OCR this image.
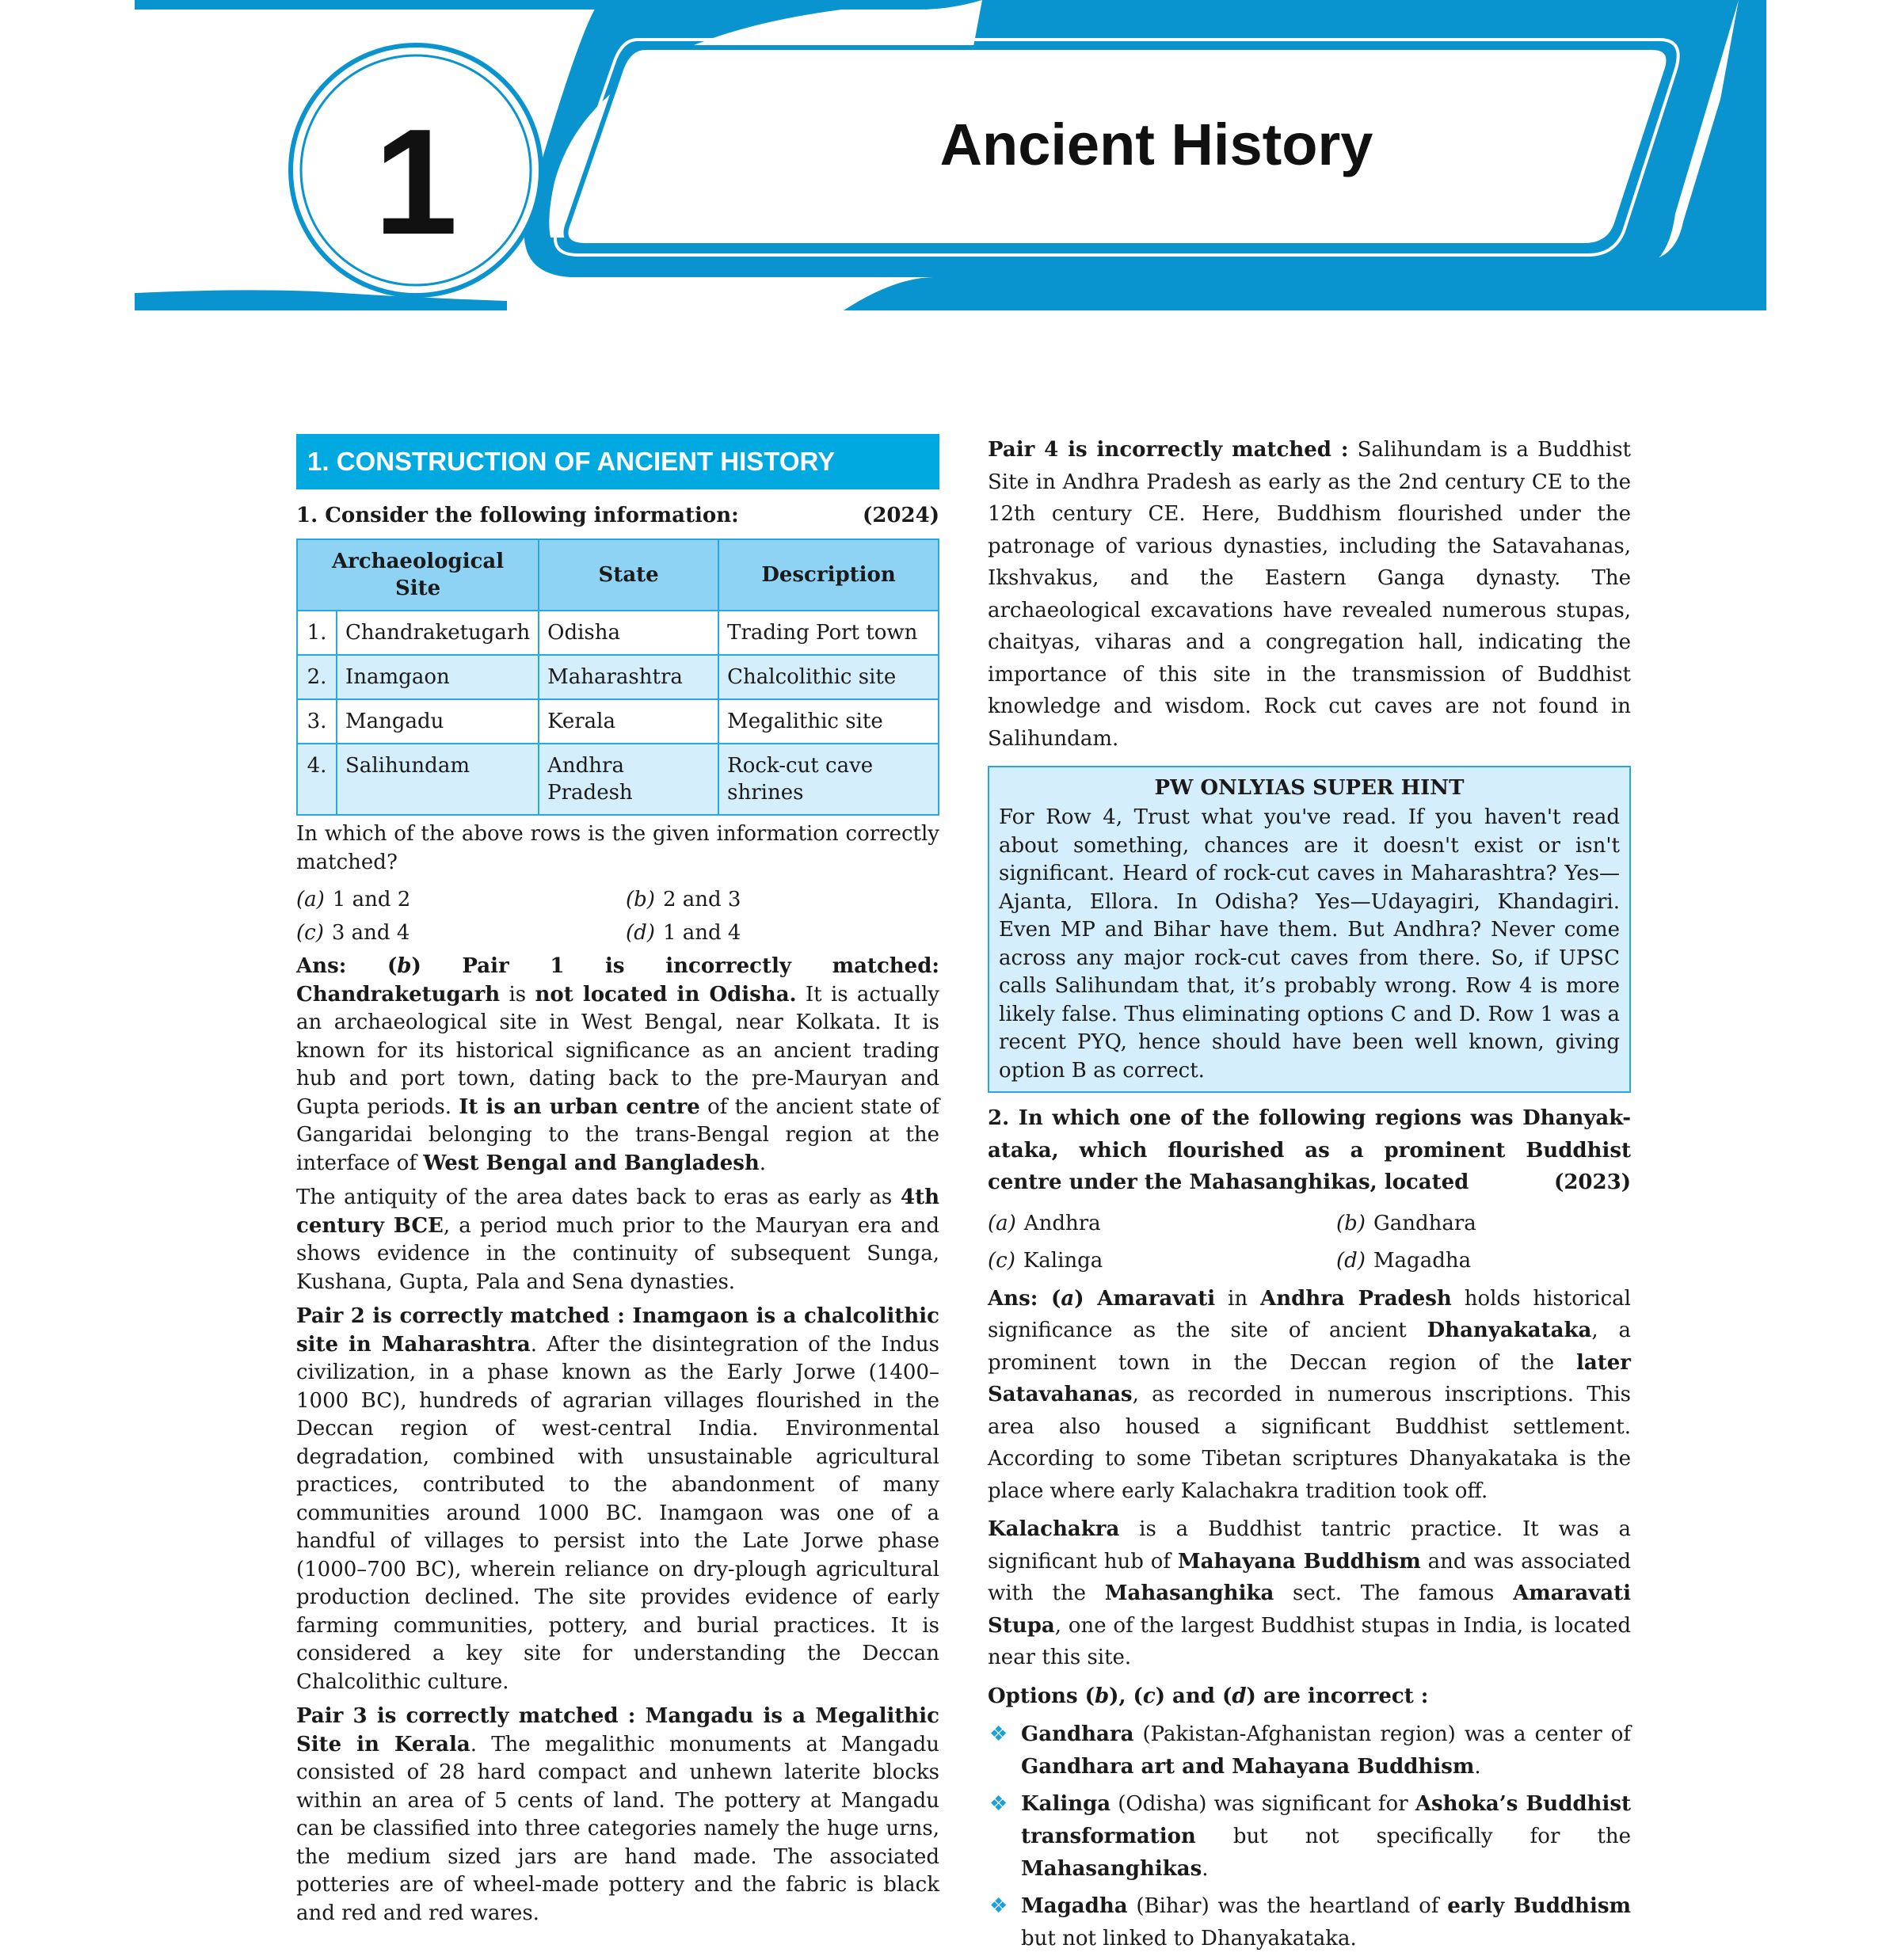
1	Ancient History
1. CONSTRUCTION OF ANCIENT HISTORY
1. Consider the following information:	(2024)
Archaeological Site		State	Description
1.	Chandraketugarh	Odisha	Trading Port town
2.	Inamgaon	Maharashtra	Chalcolithic site
3.	Mangadu	Kerala	Megalithic site
4.	Salihundam	Andhra Pradesh	Rock-cut cave shrines

In which of the above rows is the given information correctly matched?

(a) 1 and 2	(b) 2 and 3
(c) 3 and 4	(d) 1 and 4

Ans: (b) Pair 1 is incorrectly matched: Chandraketugarh is not located in Odisha. It is actually an archaeological site in West Bengal, near Kolkata. It is known for its historical significance as an ancient trading hub and port town, dating back to the pre-Mauryan and Gupta periods. It is an urban centre of the ancient state of Gangaridai belonging to the trans-Bengal region at the interface of West Bengal and Bangladesh.

The antiquity of the area dates back to eras as early as 4th century BCE, a period much prior to the Mauryan era and shows evidence in the continuity of subsequent Sunga, Kushana, Gupta, Pala and Sena dynasties.

Pair 2 is correctly matched : Inamgaon is a chalcolithic site in Maharashtra. After the disintegration of the Indus civilization, in a phase known as the Early Jorwe (1400– 1000 BC), hundreds of agrarian villages flourished in the Deccan region of west-central India. Environmental degradation, combined with unsustainable agricultural practices, contributed to the abandonment of many communities around 1000 BC. Inamgaon was one of a handful of villages to persist into the Late Jorwe phase (1000–700 BC), wherein reliance on dry-plough agricultural production declined. The site provides evidence of early farming communities, pottery, and burial practices. It is considered a key site for understanding the Deccan Chalcolithic culture.

Pair 3 is correctly matched : Mangadu is a Megalithic Site in Kerala. The megalithic monuments at Mangadu consisted of 28 hard compact and unhewn laterite blocks within an area of 5 cents of land. The pottery at Mangadu can be classified into three categories namely the huge urns, the medium sized jars are hand made. The associated potteries are of wheel-made pottery and the fabric is black and red and red wares.

Pair 4 is incorrectly matched : Salihundam is a Buddhist Site in Andhra Pradesh as early as the 2nd century CE to the 12th century CE. Here, Buddhism flourished under the patronage of various dynasties, including the Satavahanas, Ikshvakus, and the Eastern Ganga dynasty. The archaeological excavations have revealed numerous stupas, chaityas, viharas and a congregation hall, indicating the importance of this site in the transmission of Buddhist knowledge and wisdom. Rock cut caves are not found in Salihundam.

PW ONLYIAS SUPER HINT

For Row 4, Trust what you've read. If you haven't read about something, chances are it doesn't exist or isn't significant. Heard of rock-cut caves in Maharashtra? Yes—Ajanta, Ellora. In Odisha? Yes—Udayagiri, Khandagiri. Even MP and Bihar have them. But Andhra? Never come across any major rock-cut caves from there. So, if UPSC calls Salihundam that, it’s probably wrong. Row 4 is more likely false. Thus eliminating options C and D. Row 1 was a recent PYQ, hence should have been well known, giving option B as correct.

2. In which one of the following regions was Dhanyak-ataka, which flourished as a prominent Buddhist centre under the Mahasanghikas, located	(2023)

(a) Andhra	(b) Gandhara
(c) Kalinga	(d) Magadha

Ans: (a) Amaravati in Andhra Pradesh holds historical significance as the site of ancient Dhanyakataka, a prominent town in the Deccan region of the later Satavahanas, as recorded in numerous inscriptions. This area also housed a significant Buddhist settlement. According to some Tibetan scriptures Dhanyakataka is the place where early Kalachakra tradition took off.

Kalachakra is a Buddhist tantric practice. It was a significant hub of Mahayana Buddhism and was associated with the Mahasanghika sect. The famous Amaravati Stupa, one of the largest Buddhist stupas in India, is located near this site.

Options (b), (c) and (d) are incorrect :

❖ Gandhara (Pakistan-Afghanistan region) was a center of Gandhara art and Mahayana Buddhism.
❖ Kalinga (Odisha) was significant for Ashoka’s Buddhist transformation but not specifically for the Mahasanghikas.
❖ Magadha (Bihar) was the heartland of early Buddhism but not linked to Dhanyakataka.
